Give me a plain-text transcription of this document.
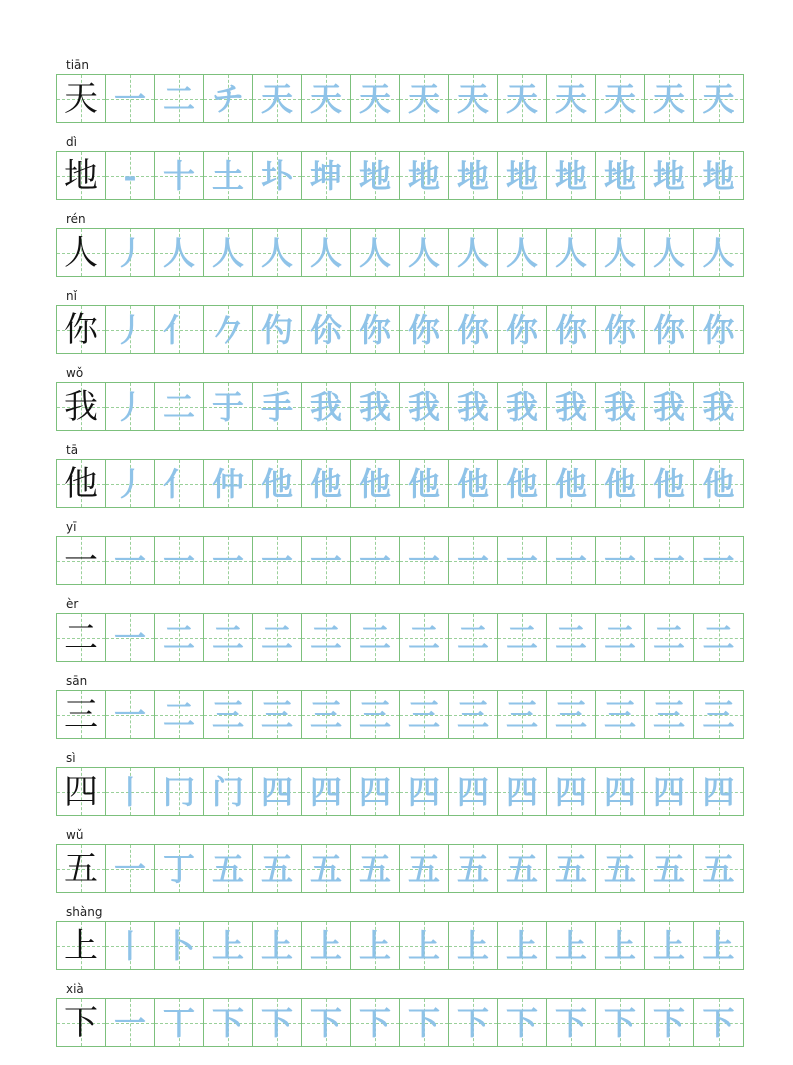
tiān
天 一 二 チ 天 天 天 天 天 天 天 天 天 天
dì
地 - 十 土 圤 坤 地 地 地 地 地 地 地 地
rén
人 丿 人 人 人 人 人 人 人 人 人 人 人 人
nǐ
你 丿 亻 𠂊 仢 伱 你 你 你 你 你 你 你 你
wǒ
我 丿 二 于 手 我 我 我 我 我 我 我 我 我
tā
他 丿 亻 仲 他 他 他 他 他 他 他 他 他 他
yī
一 一 一 一 一 一 一 一 一 一 一 一 一 一
èr
二 一 二 二 二 二 二 二 二 二 二 二 二 二
sān
三 一 二 三 三 三 三 三 三 三 三 三 三 三
sì
四 丨 冂 门 四 四 四 四 四 四 四 四 四 四
wǔ
五 一 丁 五 五 五 五 五 五 五 五 五 五 五
shàng
上 丨 卜 上 上 上 上 上 上 上 上 上 上 上
xià
下 一 丅 下 下 下 下 下 下 下 下 下 下 下
